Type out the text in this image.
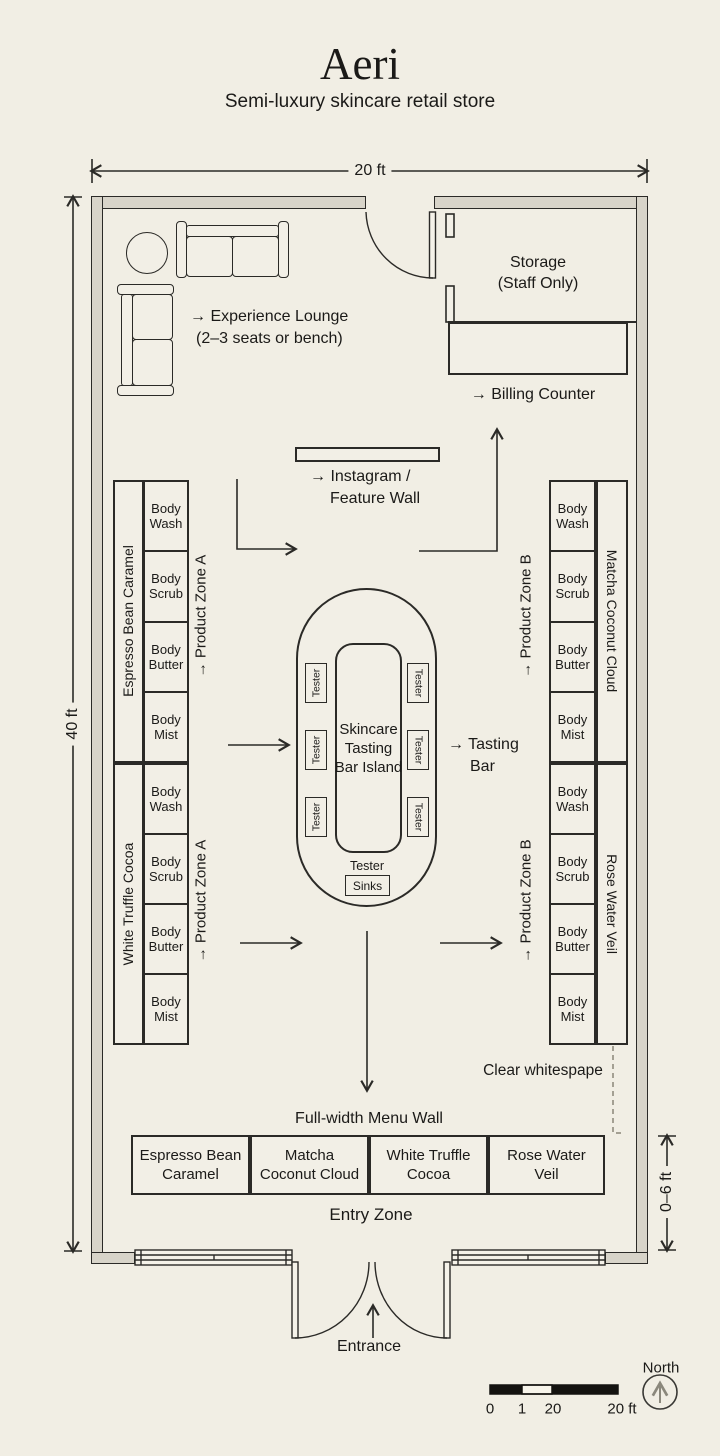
Aeri
Semi-luxury skincare retail store
20 ft
40 ft
0–6 ft
→ Experience Lounge
(2–3 seats or bench)
Storage
(Staff Only)
→ Billing Counter
→ Instagram /
Feature Wall
Espresso Bean Caramel
Body Wash
Body Scrub
Body Butter
Body Mist
White Truffle Cocoa
Body Wash
Body Scrub
Body Butter
Body Mist
→ Product Zone A
→ Product Zone A
Body Wash
Body Scrub
Body Butter
Body Mist
Matcha Coconut Cloud
Body Wash
Body Scrub
Body Butter
Body Mist
Rose Water Veil
→ Product Zone B
→ Product Zone B
Skincare
Tasting
Bar Island
Tester
Tester
Tester
Tester
Tester
Tester
Tester
Sinks
→ Tasting
Bar
Clear whitespape
Full-width Menu Wall
Espresso Bean
Caramel
Matcha
Coconut Cloud
White Truffle
Cocoa
Rose Water
Veil
Entry Zone
Entrance
0 1 20	20 ft
North
